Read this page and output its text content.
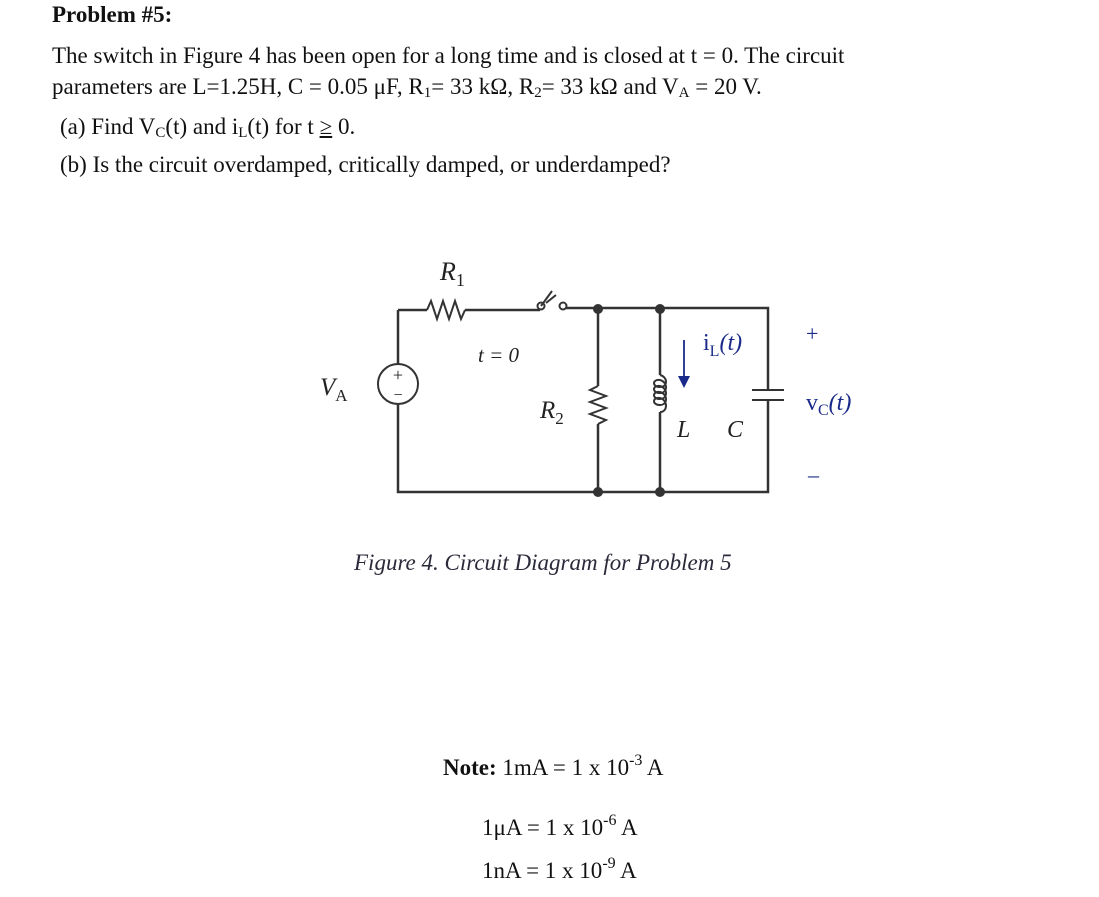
Problem #5:
The switch in Figure 4 has been open for a long time and is closed at t = 0. The circuit
parameters are L=1.25H, C = 0.05 μF, $R_1= 33$ kΩ, $R_2= 33$ kΩ and $V_A = 20$ V.
(a) Find $V_C(t)$ and $i_L(t)$ for t ≥ 0.
(b) Is the circuit overdamped, critically damped, or underdamped?
+
−
$R_1$
t = 0
$V_A$
$R_2$	L C
$i_L(t)$	+
$v_C(t)$
–
Figure 4. Circuit Diagram for Problem 5
Note: 1mA = 1 x $10^{-3}$ A
1μA = 1 x $10^{-6}$ A
1nA = 1 x $10^{-9}$ A
